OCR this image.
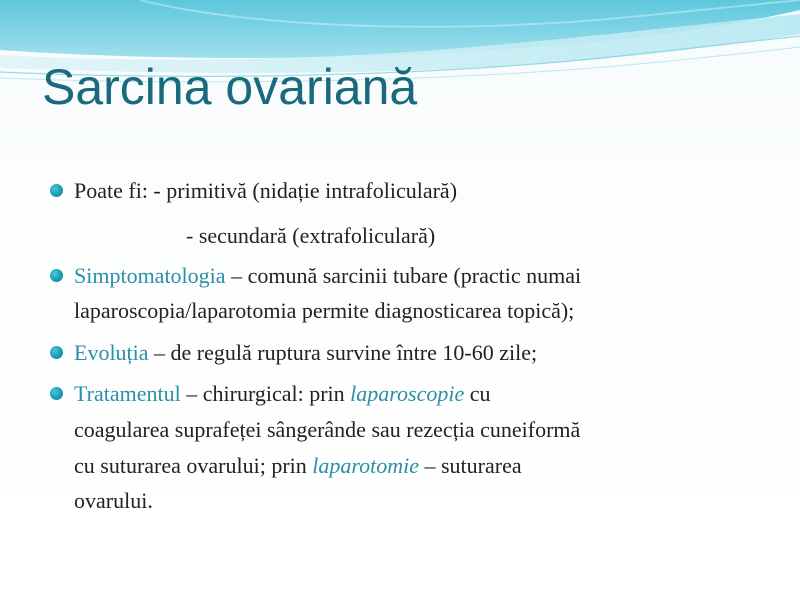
Sarcina ovariană
Poate fi: - primitivă (nidație intrafoliculară)
- secundară (extrafoliculară)
Simptomatologia – comună sarcinii tubare (practic numai
laparoscopia/laparotomia permite diagnosticarea topică);
Evoluția – de regulă ruptura survine între 10-60 zile;
Tratamentul – chirurgical: prin laparoscopie cu
coagularea suprafeței sângerânde sau rezecția cuneiformă
cu suturarea ovarului; prin laparotomie – suturarea
ovarului.
